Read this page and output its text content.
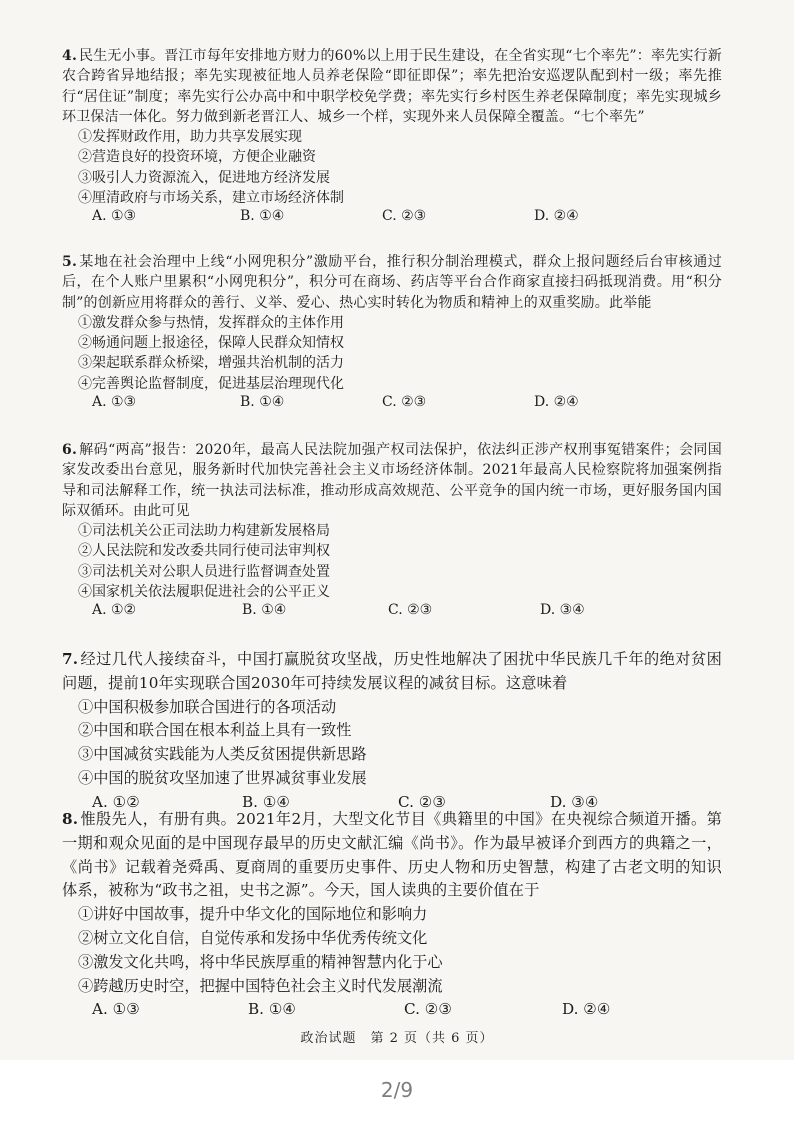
4. 民生无小事。晋江市每年安排地方财力的60%以上用于民生建设，在全省实现“七个率先”：率先实行新农合跨省异地结报；率先实现被征地人员养老保险“即征即保”；率先把治安巡逻队配到村一级；率先推行“居住证”制度；率先实行公办高中和中职学校免学费；率先实行乡村医生养老保障制度；率先实现城乡环卫保洁一体化。努力做到新老晋江人、城乡一个样，实现外来人员保障全覆盖。“七个率先”

①发挥财政作用，助力共享发展实现
②营造良好的投资环境，方便企业融资
③吸引人力资源流入，促进地方经济发展
④厘清政府与市场关系，建立市场经济体制
A. ①③	B. ①④	C. ②③	D. ②④

5. 某地在社会治理中上线“小网兜积分”激励平台，推行积分制治理模式，群众上报问题经后台审核通过后，在个人账户里累积“小网兜积分”，积分可在商场、药店等平台合作商家直接扫码抵现消费。用“积分制”的创新应用将群众的善行、义举、爱心、热心实时转化为物质和精神上的双重奖励。此举能

①激发群众参与热情，发挥群众的主体作用
②畅通问题上报途径，保障人民群众知情权
③架起联系群众桥梁，增强共治机制的活力
④完善舆论监督制度，促进基层治理现代化
A. ①③	B. ①④	C. ②③	D. ②④

6. 解码“两高”报告：2020年，最高人民法院加强产权司法保护，依法纠正涉产权刑事冤错案件；会同国家发改委出台意见，服务新时代加快完善社会主义市场经济体制。2021年最高人民检察院将加强案例指导和司法解释工作，统一执法司法标准，推动形成高效规范、公平竞争的国内统一市场，更好服务国内国际双循环。由此可见

①司法机关公正司法助力构建新发展格局
②人民法院和发改委共同行使司法审判权
③司法机关对公职人员进行监督调查处置
④国家机关依法履职促进社会的公平正义
A. ①②	B. ①④	C. ②③	D. ③④

7. 经过几代人接续奋斗，中国打赢脱贫攻坚战，历史性地解决了困扰中华民族几千年的绝对贫困问题，提前10年实现联合国2030年可持续发展议程的减贫目标。这意味着

①中国积极参加联合国进行的各项活动
②中国和联合国在根本利益上具有一致性
③中国减贫实践能为人类反贫困提供新思路
④中国的脱贫攻坚加速了世界减贫事业发展
A. ①②	B. ①④	C. ②③	D. ③④

8. 惟殷先人，有册有典。2021年2月，大型文化节目《典籍里的中国》在央视综合频道开播。第一期和观众见面的是中国现存最早的历史文献汇编《尚书》。作为最早被译介到西方的典籍之一，《尚书》记载着尧舜禹、夏商周的重要历史事件、历史人物和历史智慧，构建了古老文明的知识体系，被称为“政书之祖，史书之源”。今天，国人读典的主要价值在于

①讲好中国故事，提升中华文化的国际地位和影响力
②树立文化自信，自觉传承和发扬中华优秀传统文化
③激发文化共鸣，将中华民族厚重的精神智慧内化于心
④跨越历史时空，把握中国特色社会主义时代发展潮流
A. ①③	B. ①④	C. ②③	D. ②④
政治试题　第 2 页（共 6 页）
2/9
